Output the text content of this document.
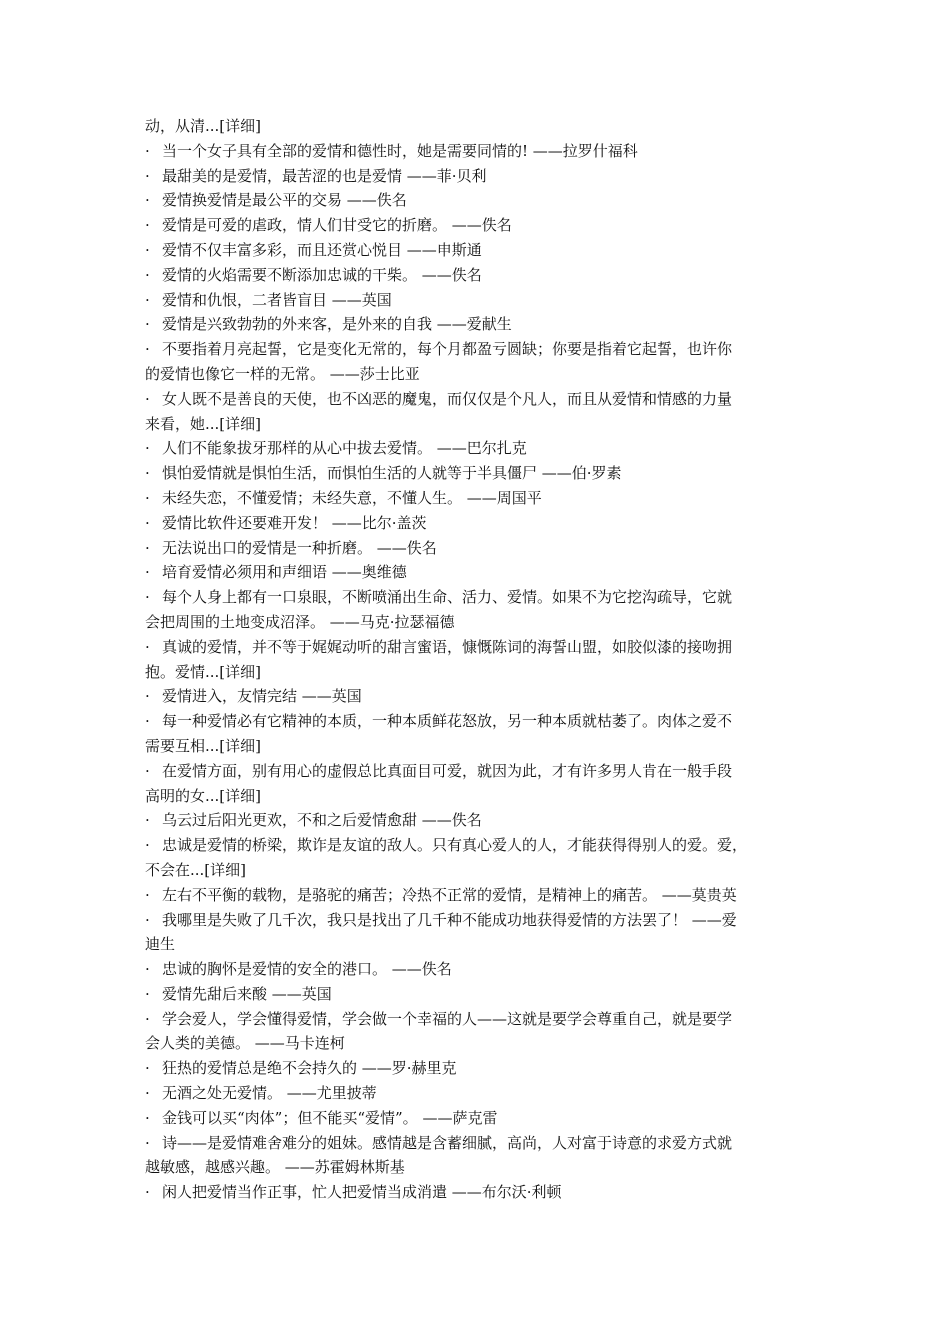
动，从清...[详细]
· 当一个女子具有全部的爱情和德性时，她是需要同情的! ——拉罗什福科
· 最甜美的是爱情，最苦涩的也是爱情 ——菲·贝利
· 爱情换爱情是最公平的交易 ——佚名
· 爱情是可爱的虐政，情人们甘受它的折磨。 ——佚名
· 爱情不仅丰富多彩，而且还赏心悦目 ——申斯通
· 爱情的火焰需要不断添加忠诚的干柴。 ——佚名
· 爱情和仇恨，二者皆盲目 ——英国
· 爱情是兴致勃勃的外来客，是外来的自我 ——爱献生
· 不要指着月亮起誓，它是变化无常的，每个月都盈亏圆缺；你要是指着它起誓，也许你
的爱情也像它一样的无常。 ——莎士比亚
· 女人既不是善良的天使，也不凶恶的魔鬼，而仅仅是个凡人，而且从爱情和情感的力量
来看，她...[详细]
· 人们不能象拔牙那样的从心中拔去爱情。 ——巴尔扎克
· 惧怕爱情就是惧怕生活，而惧怕生活的人就等于半具僵尸 ——伯·罗素
· 未经失恋，不懂爱情；未经失意，不懂人生。 ——周国平
· 爱情比软件还要难开发！ ——比尔·盖茨
· 无法说出口的爱情是一种折磨。 ——佚名
· 培育爱情必须用和声细语 ——奥维德
· 每个人身上都有一口泉眼，不断喷涌出生命、活力、爱情。如果不为它挖沟疏导，它就
会把周围的土地变成沼泽。 ——马克·拉瑟福德
· 真诚的爱情，并不等于娓娓动听的甜言蜜语，慷慨陈词的海誓山盟，如胶似漆的接吻拥
抱。爱情...[详细]
· 爱情进入，友情完结 ——英国
· 每一种爱情必有它精神的本质，一种本质鲜花怒放，另一种本质就枯萎了。肉体之爱不
需要互相...[详细]
· 在爱情方面，别有用心的虚假总比真面目可爱，就因为此，才有许多男人肯在一般手段
高明的女...[详细]
· 乌云过后阳光更欢，不和之后爱情愈甜 ——佚名
· 忠诚是爱情的桥梁，欺诈是友谊的敌人。只有真心爱人的人，才能获得得别人的爱。爱，
不会在...[详细]
· 左右不平衡的载物，是骆驼的痛苦；冷热不正常的爱情，是精神上的痛苦。 ——莫贵英
· 我哪里是失败了几千次，我只是找出了几千种不能成功地获得爱情的方法罢了！ ——爱
迪生
· 忠诚的胸怀是爱情的安全的港口。 ——佚名
· 爱情先甜后来酸 ——英国
· 学会爱人，学会懂得爱情，学会做一个幸福的人——这就是要学会尊重自己，就是要学
会人类的美德。 ——马卡连柯
· 狂热的爱情总是绝不会持久的 ——罗·赫里克
· 无酒之处无爱情。 ——尤里披蒂
· 金钱可以买“肉体”；但不能买“爱情”。 ——萨克雷
· 诗——是爱情难舍难分的姐妹。感情越是含蓄细腻，高尚，人对富于诗意的求爱方式就
越敏感，越感兴趣。 ——苏霍姆林斯基
· 闲人把爱情当作正事，忙人把爱情当成消遣 ——布尔沃·利顿
